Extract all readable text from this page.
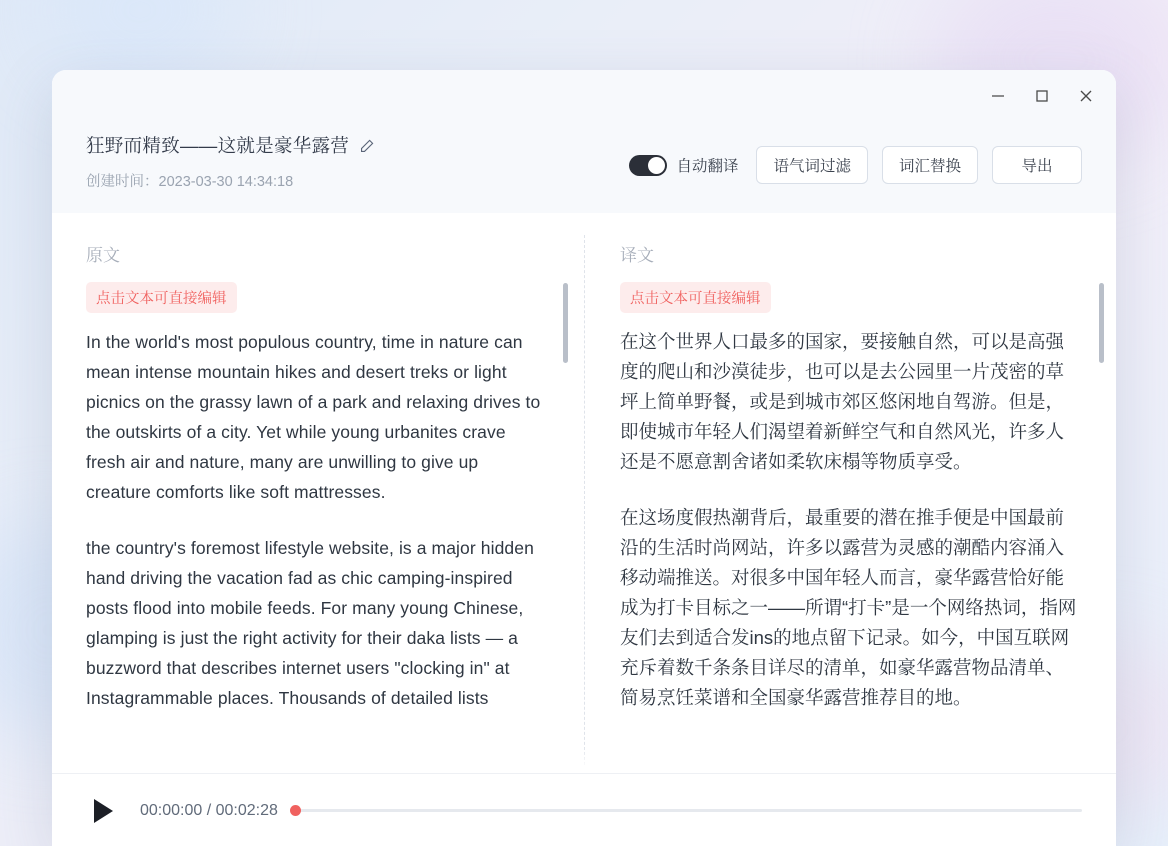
狂野而精致——这就是豪华露营
创建时间：2023-03-30 14:34:18
自动翻译	语气词过滤	词汇替换	导出
原文
点击文本可直接编辑

In the world's most populous country, time in nature can mean intense mountain hikes and desert treks or light picnics on the grassy lawn of a park and relaxing drives to the outskirts of a city. Yet while young urbanites crave fresh air and nature, many are unwilling to give up creature comforts like soft mattresses.

the country's foremost lifestyle website, is a major hidden hand driving the vacation fad as chic camping-inspired posts flood into mobile feeds. For many young Chinese, glamping is just the right activity for their daka lists — a buzzword that describes internet users "clocking in" at Instagrammable places. Thousands of detailed lists

译文
点击文本可直接编辑

在这个世界人口最多的国家，要接触自然，可以是高强度的爬山和沙漠徒步，也可以是去公园里一片茂密的草坪上简单野餐，或是到城市郊区悠闲地自驾游。但是，即使城市年轻人们渴望着新鲜空气和自然风光，许多人还是不愿意割舍诸如柔软床榻等物质享受。

在这场度假热潮背后，最重要的潜在推手便是中国最前沿的生活时尚网站，许多以露营为灵感的潮酷内容涌入移动端推送。对很多中国年轻人而言，豪华露营恰好能成为打卡目标之一——所谓“打卡”是一个网络热词，指网友们去到适合发ins的地点留下记录。如今，中国互联网充斥着数千条条目详尽的清单，如豪华露营物品清单、简易烹饪菜谱和全国豪华露营推荐目的地。

00:00:00 / 00:02:28
